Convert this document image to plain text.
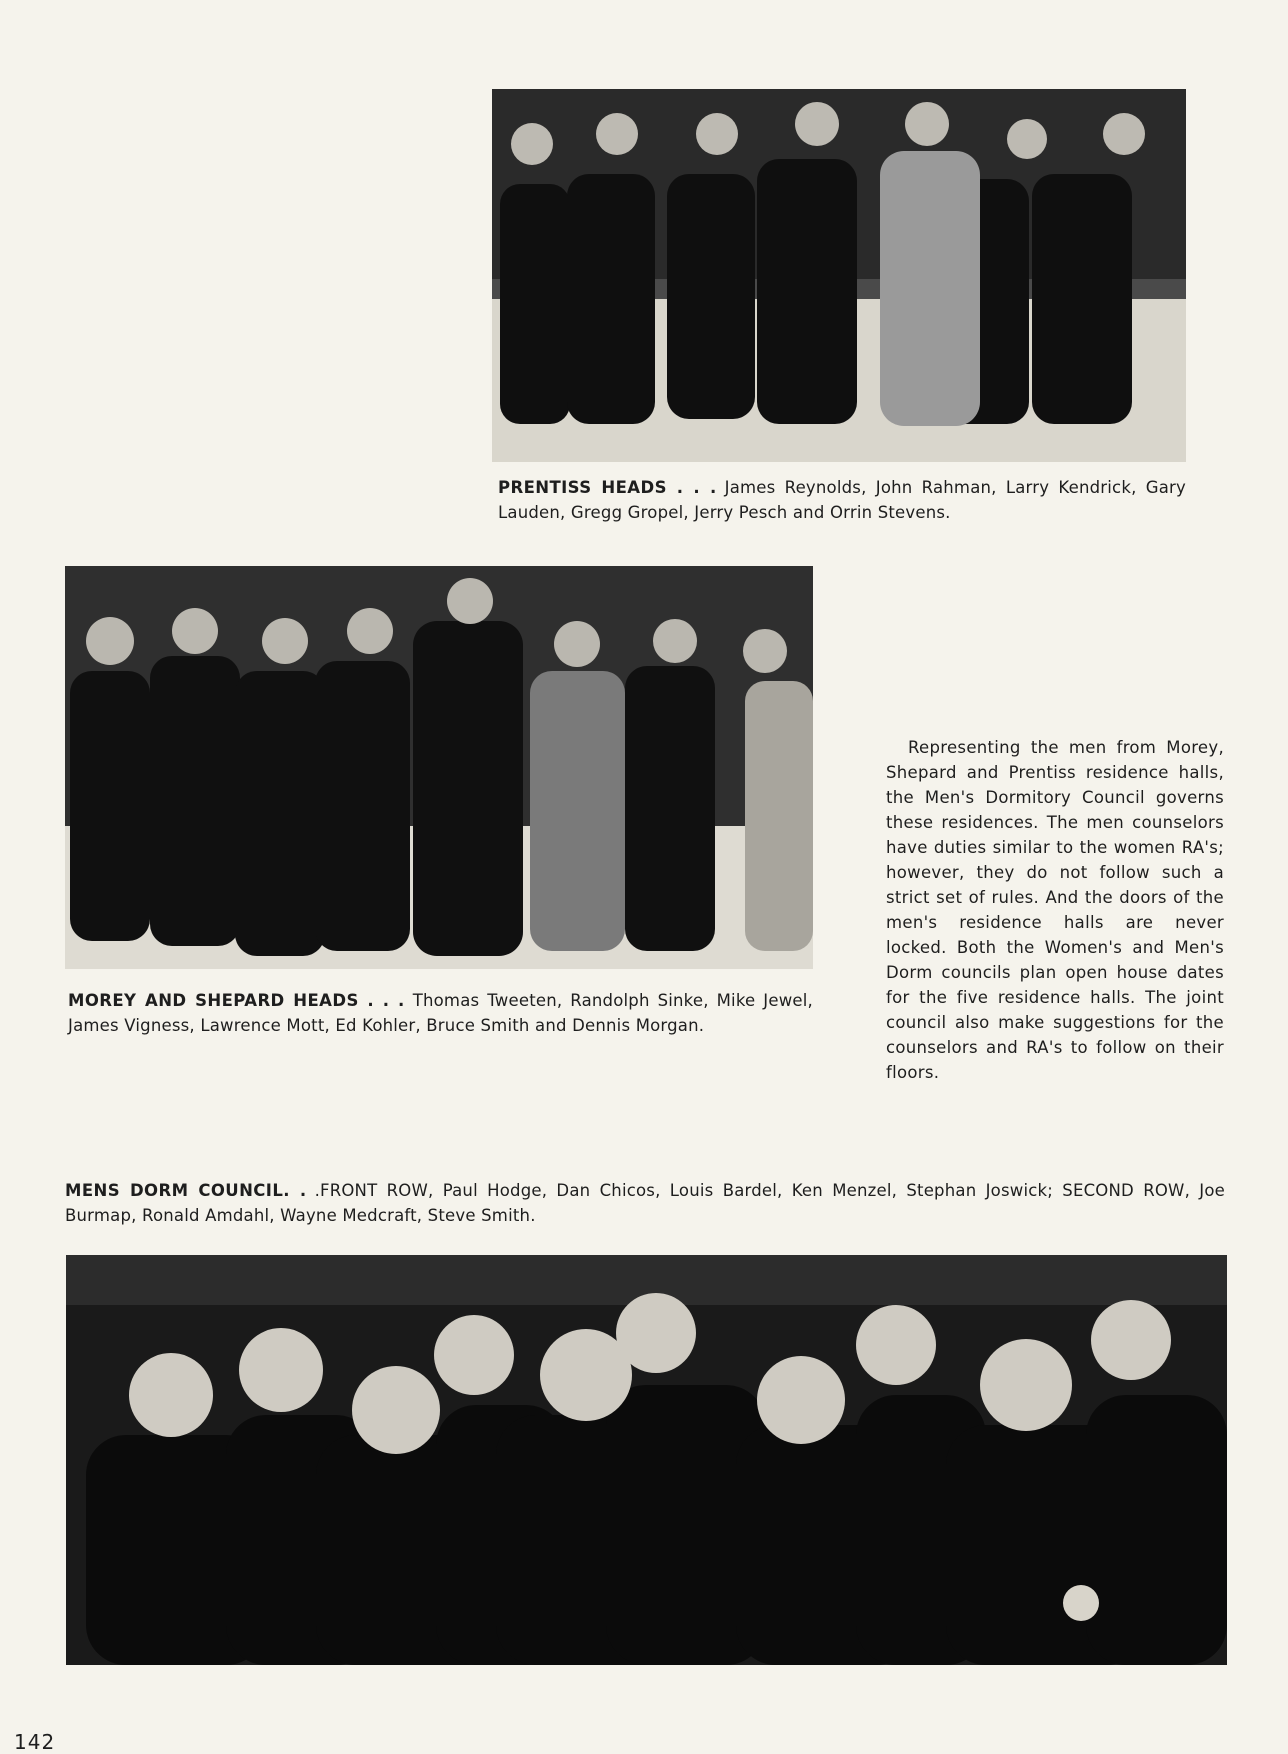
PRENTISS HEADS . . . James Reynolds, John Rahman, Larry Kendrick, Gary Lauden, Gregg Gropel, Jerry Pesch and Orrin Stevens.
MOREY AND SHEPARD HEADS . . . Thomas Tweeten, Randolph Sinke, Mike Jewel, James Vigness, Lawrence Mott, Ed Kohler, Bruce Smith and Dennis Morgan.
Representing the men from Morey, Shepard and Prentiss residence halls, the Men's Dormitory Council governs these residences. The men counselors have duties similar to the women RA's; however, they do not follow such a strict set of rules. And the doors of the men's residence halls are never locked. Both the Women's and Men's Dorm councils plan open house dates for the five residence halls. The joint council also make suggestions for the counselors and RA's to follow on their floors.
MENS DORM COUNCIL. . .FRONT ROW, Paul Hodge, Dan Chicos, Louis Bardel, Ken Menzel, Stephan Joswick; SECOND ROW, Joe Burmap, Ronald Amdahl, Wayne Medcraft, Steve Smith.
142
